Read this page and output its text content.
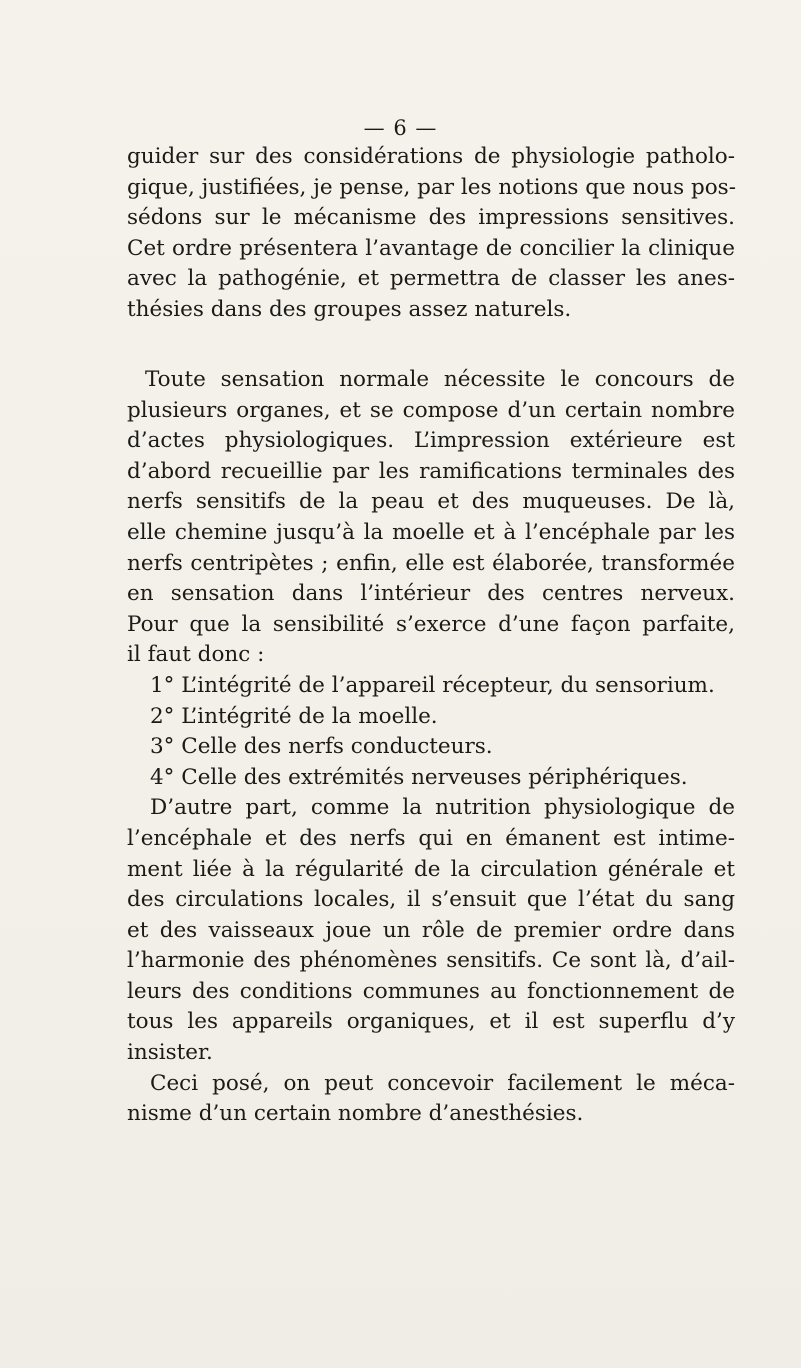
— 6 —
guider sur des considérations de physiologie patholo-
gique, justifiées, je pense, par les notions que nous pos-
sédons sur le mécanisme des impressions sensitives.
Cet ordre présentera l’avantage de concilier la clinique
avec la pathogénie, et permettra de classer les anes-
thésies dans des groupes assez naturels.
Toute sensation normale nécessite le concours de
plusieurs organes, et se compose d’un certain nombre
d’actes physiologiques. L’impression extérieure est
d’abord recueillie par les ramifications terminales des
nerfs sensitifs de la peau et des muqueuses. De là,
elle chemine jusqu’à la moelle et à l’encéphale par les
nerfs centripètes ; enfin, elle est élaborée, transformée
en sensation dans l’intérieur des centres nerveux.
Pour que la sensibilité s’exerce d’une façon parfaite,
il faut donc :
1° L’intégrité de l’appareil récepteur, du sensorium.
2° L’intégrité de la moelle.
3° Celle des nerfs conducteurs.
4° Celle des extrémités nerveuses périphériques.
D’autre part, comme la nutrition physiologique de
l’encéphale et des nerfs qui en émanent est intime-
ment liée à la régularité de la circulation générale et
des circulations locales, il s’ensuit que l’état du sang
et des vaisseaux joue un rôle de premier ordre dans
l’harmonie des phénomènes sensitifs. Ce sont là, d’ail-
leurs des conditions communes au fonctionnement de
tous les appareils organiques, et il est superflu d’y
insister.
Ceci posé, on peut concevoir facilement le méca-
nisme d’un certain nombre d’anesthésies.
